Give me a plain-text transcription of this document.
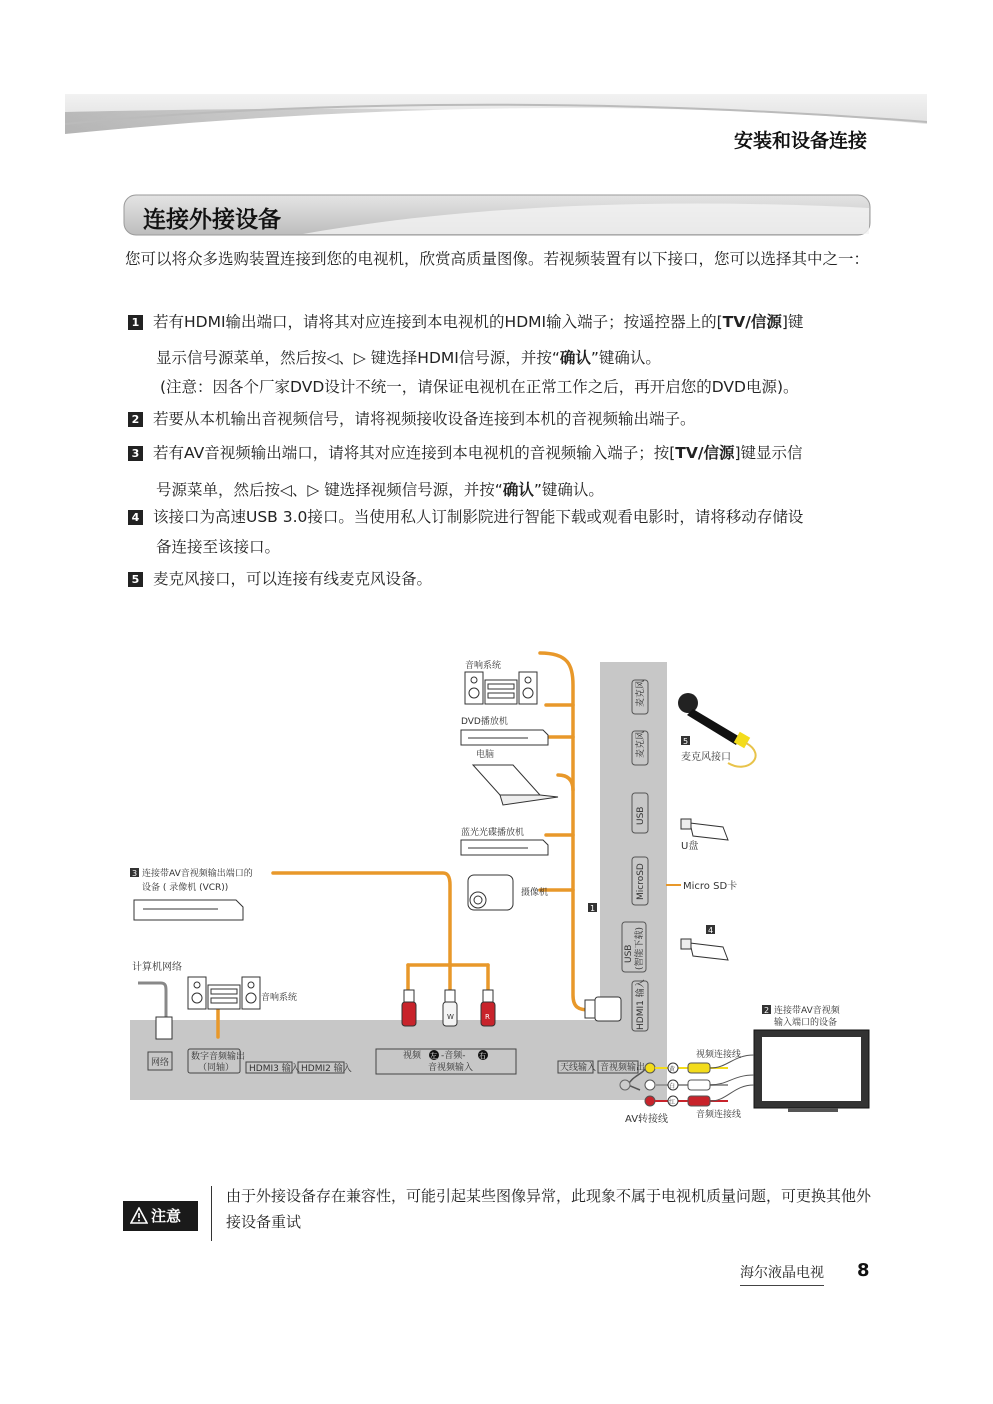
安装和设备连接
连接外接设备
您可以将众多选购装置连接到您的电视机，欣赏高质量图像。若视频装置有以下接口，您可以选择其中之一：
1 若有HDMI输出端口，请将其对应连接到本电视机的HDMI输入端子；按遥控器上的[TV/信源]键
显示信号源菜单，然后按◁、▷ 键选择HDMI信号源，并按“确认”键确认。
(注意：因各个厂家DVD设计不统一，请保证电视机在正常工作之后，再开启您的DVD电源)。
2 若要从本机输出音视频信号，请将视频接收设备连接到本机的音视频输出端子。
3 若有AV音视频输出端口，请将其对应连接到本电视机的音视频输入端子；按[TV/信源]键显示信
号源菜单，然后按◁、▷ 键选择视频信号源，并按“确认”键确认。
4 该接口为高速USB 3.0接口。当使用私人订制影院进行智能下载或观看电影时，请将移动存储设
备连接至该接口。
5 麦克风接口，可以连接有线麦克风设备。
麦克风
麦克风
USB
MicroSD
USB (智能下载)
HDMI1 输入
音响系统
DVD播放机
电脑
蓝光光碟播放机
摄像机
3 连接带AV音视频输出端口的
设备 ( 录像机 (VCR))
计算机网络
音响系统
网络
数字音频输出
（同轴） HDMI3 输入 HDMI2 输入
视频 左 -音频- 右
音视频输入	天线输入 音视频输出
W	R
1
5
麦克风接口
U盘
Micro SD卡
4
2 连接带AV音视频
输入端口的设备
黄
白
红
视频连接线
音频连接线
AV转接线
注意
由于外接设备存在兼容性，可能引起某些图像异常，此现象不属于电视机质量问题，可更换其他外接设备重试
海尔液晶电视 8
